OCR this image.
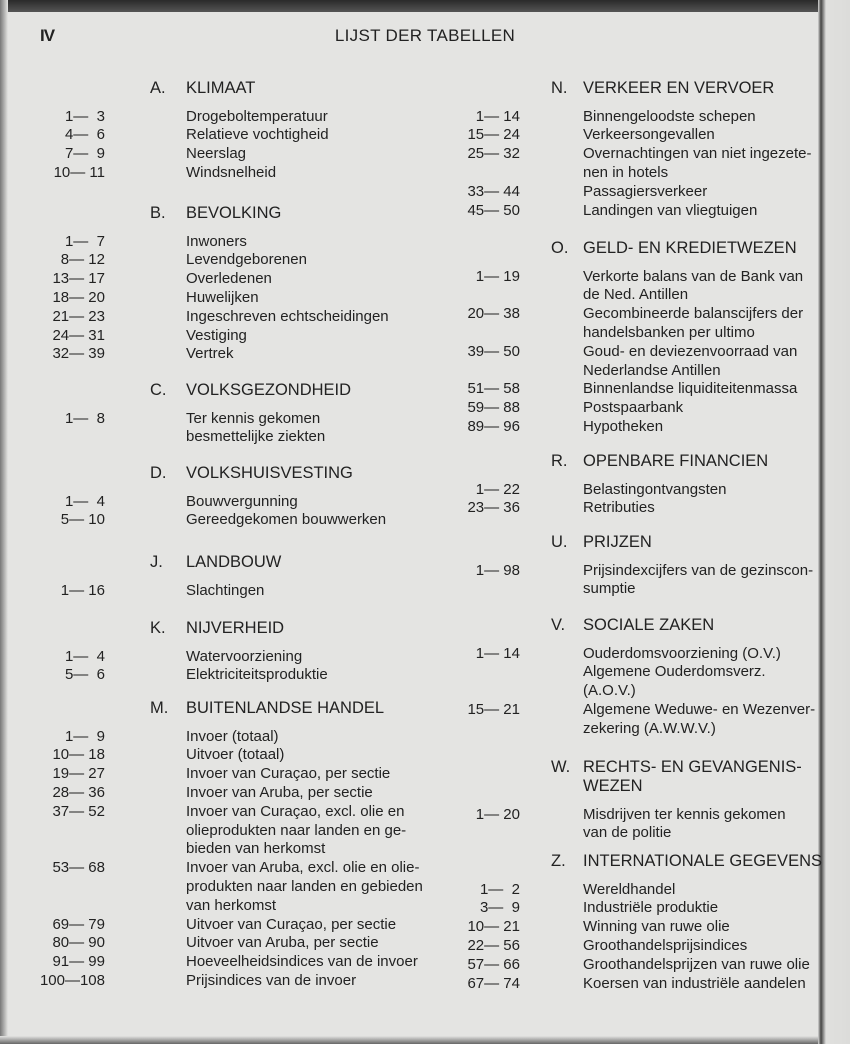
IV	LIJST DER TABELLEN
A. KLIMAAT
1—  3	Drogeboltemperatuur
4—  6	Relatieve vochtigheid
7—  9	Neerslag
10— 11	Windsnelheid
B. BEVOLKING
1—  7	Inwoners
8— 12	Levendgeborenen
13— 17	Overledenen
18— 20	Huwelijken
21— 23	Ingeschreven echtscheidingen
24— 31	Vestiging
32— 39	Vertrek
C. VOLKSGEZONDHEID
1—  8	Ter kennis gekomen
besmettelijke ziekten
D. VOLKSHUISVESTING
1—  4	Bouwvergunning
5— 10	Gereedgekomen bouwwerken
J. LANDBOUW
1— 16	Slachtingen
K. NIJVERHEID
1—  4	Watervoorziening
5—  6	Elektriciteitsproduktie
M. BUITENLANDSE HANDEL
1—  9	Invoer (totaal)
10— 18	Uitvoer (totaal)
19— 27	Invoer van Curaçao, per sectie
28— 36	Invoer van Aruba, per sectie
37— 52	Invoer van Curaçao, excl. olie en
olieprodukten naar landen en ge-
bieden van herkomst
53— 68	Invoer van Aruba, excl. olie en olie-
produkten naar landen en gebieden
van herkomst
69— 79	Uitvoer van Curaçao, per sectie
80— 90	Uitvoer van Aruba, per sectie
91— 99	Hoeveelheidsindices van de invoer
100—108	Prijsindices van de invoer
N. VERKEER EN VERVOER
1— 14	Binnengeloodste schepen
15— 24	Verkeersongevallen
25— 32	Overnachtingen van niet ingezete-
nen in hotels
33— 44	Passagiersverkeer
45— 50	Landingen van vliegtuigen
O. GELD- EN KREDIETWEZEN
1— 19	Verkorte balans van de Bank van
de Ned. Antillen
20— 38	Gecombineerde balanscijfers der
handelsbanken per ultimo
39— 50	Goud- en deviezenvoorraad van
Nederlandse Antillen
51— 58	Binnenlandse liquiditeitenmassa
59— 88	Postspaarbank
89— 96	Hypotheken
R. OPENBARE FINANCIEN
1— 22	Belastingontvangsten
23— 36	Retributies
U. PRIJZEN
1— 98	Prijsindexcijfers van de gezinscon-
sumptie
V. SOCIALE ZAKEN
1— 14	Ouderdomsvoorziening (O.V.)
Algemene Ouderdomsverz.
(A.O.V.)
15— 21	Algemene Weduwe- en Wezenver-
zekering (A.W.W.V.)
W. RECHTS- EN GEVANGENIS-
WEZEN
1— 20	Misdrijven ter kennis gekomen
van de politie
Z. INTERNATIONALE GEGEVENS
1—  2	Wereldhandel
3—  9	Industriële produktie
10— 21	Winning van ruwe olie
22— 56	Groothandelsprijsindices
57— 66	Groothandelsprijzen van ruwe olie
67— 74	Koersen van industriële aandelen
